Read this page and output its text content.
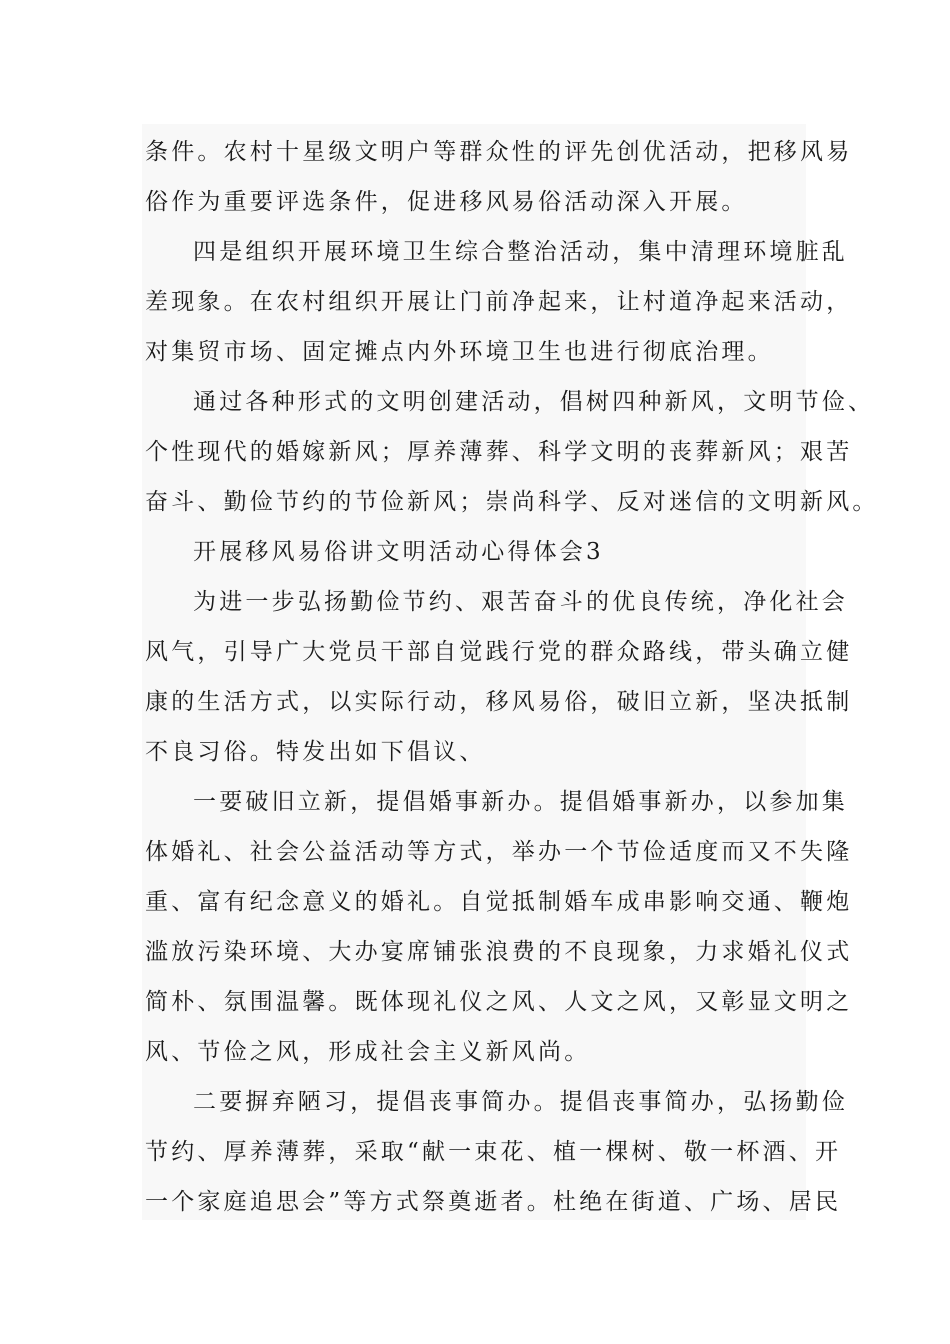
条件。农村十星级文明户等群众性的评先创优活动，把移风易
俗作为重要评选条件，促进移风易俗活动深入开展。
四是组织开展环境卫生综合整治活动，集中清理环境脏乱
差现象。在农村组织开展让门前净起来，让村道净起来活动，
对集贸市场、固定摊点内外环境卫生也进行彻底治理。
通过各种形式的文明创建活动，倡树四种新风，文明节俭、
个性现代的婚嫁新风；厚养薄葬、科学文明的丧葬新风；艰苦
奋斗、勤俭节约的节俭新风；崇尚科学、反对迷信的文明新风。
开展移风易俗讲文明活动心得体会3
为进一步弘扬勤俭节约、艰苦奋斗的优良传统，净化社会
风气，引导广大党员干部自觉践行党的群众路线，带头确立健
康的生活方式，以实际行动，移风易俗，破旧立新，坚决抵制
不良习俗。特发出如下倡议、
一要破旧立新，提倡婚事新办。提倡婚事新办，以参加集
体婚礼、社会公益活动等方式，举办一个节俭适度而又不失隆
重、富有纪念意义的婚礼。自觉抵制婚车成串影响交通、鞭炮
滥放污染环境、大办宴席铺张浪费的不良现象，力求婚礼仪式
简朴、氛围温馨。既体现礼仪之风、人文之风，又彰显文明之
风、节俭之风，形成社会主义新风尚。
二要摒弃陋习，提倡丧事简办。提倡丧事简办，弘扬勤俭
节约、厚养薄葬，采取“献一束花、植一棵树、敬一杯酒、开
一个家庭追思会”等方式祭奠逝者。杜绝在街道、广场、居民
